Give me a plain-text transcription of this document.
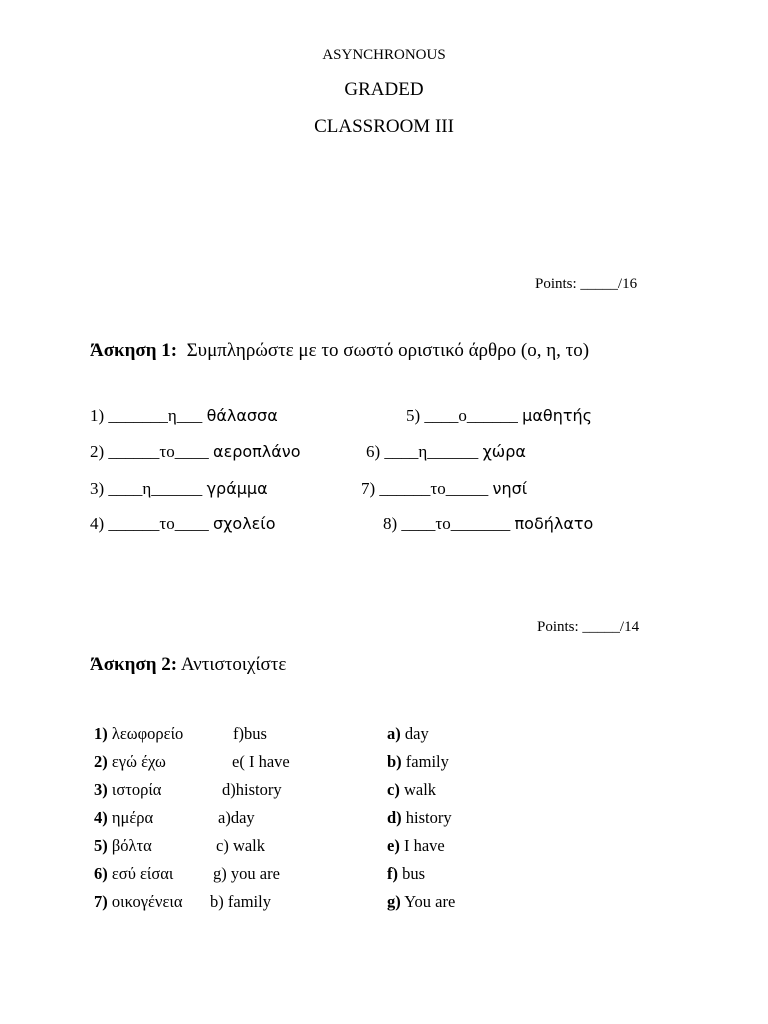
ASYNCHRONOUS
GRADED
CLASSROOM III
Points: _____/16
Άσκηση 1: Συμπληρώστε με το σωστό οριστικό άρθρο (ο, η, το)
1) _______η___ θάλασσα
2) ______το____ αεροπλάνο
3) ____η______ γράμμα
4) ______το____ σχολείο
5) ____ο______ μαθητής
6) ____η______ χώρα
7) ______το_____ νησί
8) ____το_______ ποδήλατο
Points: _____/14
Άσκηση 2: Αντιστοιχίστε
1) λεωφορείο
2) εγώ έχω
3) ιστορία
4) ημέρα
5) βόλτα
6) εσύ είσαι
7) οικογένεια
f)bus
e( I have
d)history
a)day
c) walk
g) you are
b) family
a) day
b) family
c) walk
d) history
e) I have
f) bus
g) You are
